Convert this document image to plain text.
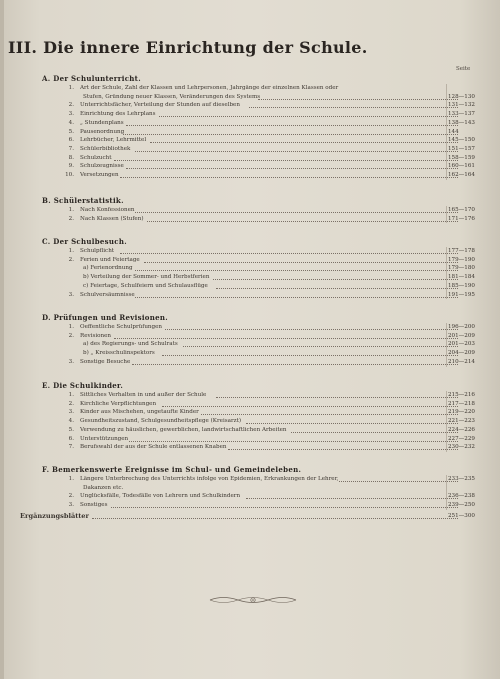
III. Die innere Einrichtung der Schule.
Seite
A. Der Schulunterricht.
1. Art der Schule, Zahl der Klassen und Lehrpersonen, Jahrgänge der einzelnen Klassen oder
Stufen, Gründung neuer Klassen, Veränderungen des Systems	128—130
2. Unterrichtsfächer, Verteilung der Stunden auf dieselben	131—132
3. Einrichtung des Lehrplans	133—137
4. „ Stundenplans	138—143
5. Pausenordnung	144
6. Lehrbücher, Lehrmittel	145—150
7. Schülerbibliothek	151—157
8. Schulzucht	158—159
9. Schulzeugnisse	160—161
10. Versetzungen	162—164
B. Schülerstatistik.
1. Nach Konfessionen	165—170
2. Nach Klassen (Stufen)	171—176
C. Der Schulbesuch.
1. Schulpflicht	177—178
2. Ferien und Feiertage	179—190
a) Ferienordnung	179—180
b) Verteilung der Sommer- und Herbstferien	181—184
c) Feiertage, Schulfeiern und Schulausflüge	185—190
3. Schulversäumnisse	191—195
D. Prüfungen und Revisionen.
1. Oeffentliche Schulprüfungen	196—200
2. Revisionen	201—209
a) des Regierungs- und Schulrats	201—203
b) „ Kreisschulinspektors	204—209
3. Sonstige Besuche	210—214
E. Die Schulkinder.
1. Sittliches Verhalten in und außer der Schule	215—216
2. Kirchliche Verpflichtungen	217—218
3. Kinder aus Mischehen, ungetaufte Kinder	219—220
4. Gesundheitszustand, Schulgesundheitspflege (Kreisarzt)	221—223
5. Verwendung zu häuslichen, gewerblichen, landwirtschaftlichen Arbeiten	224—226
6. Unterstützungen	227—229
7. Berufswahl der aus der Schule entlassenen Knaben	230—232
F. Bemerkenswerte Ereignisse im Schul- und Gemeindeleben.
1. Längere Unterbrechung des Unterrichts infolge von Epidemien, Erkrankungen der Lehrer,	233—235
Dakanzen etc.
2. Unglücksfälle, Todesfälle von Lehrern und Schulkindern	236—238
3. Sonstiges	239—250
Ergänzungsblätter	251—300
